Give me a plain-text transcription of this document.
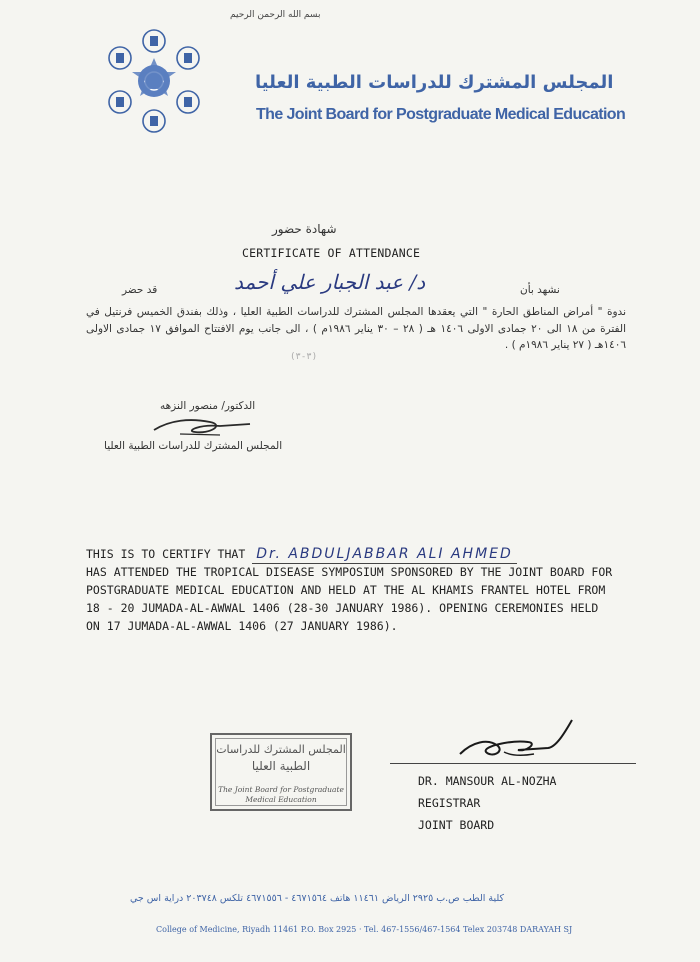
بسم الله الرحمن الرحيم
المجلس المشترك للدراسات الطبية العليا
The Joint Board for Postgraduate Medical Education
شهادة حضور
CERTIFICATE OF ATTENDANCE
نشهد بأن
د/ عبد الجبار علي أحمد
قد حضر
ندوة " أمراض المناطق الحارة " التي يعقدها المجلس المشترك للدراسات الطبية العليا ، وذلك بفندق الخميس فرنتيل في الفترة من ١٨ الى ٢٠ جمادى الاولى ١٤٠٦ هـ ( ٢٨ – ٣٠ يناير ١٩٨٦م ) ، الى جانب يوم الافتتاح الموافق ١٧ جمادى الاولى ١٤٠٦هـ ( ٢٧ يناير ١٩٨٦م ) .
(٣-٣)
الدكتور/ منصور النزهه
المجلس المشترك للدراسات الطبية العليا
THIS IS TO CERTIFY THAT Dr. ABDULJABBAR ALI AHMED
HAS ATTENDED THE TROPICAL DISEASE SYMPOSIUM SPONSORED BY THE JOINT BOARD FOR
POSTGRADUATE MEDICAL EDUCATION AND HELD AT THE AL KHAMIS FRANTEL HOTEL FROM
18 - 20 JUMADA-AL-AWWAL 1406 (28-30 JANUARY 1986). OPENING CEREMONIES HELD
ON 17 JUMADA-AL-AWWAL 1406 (27 JANUARY 1986).
المجلس المشترك للدراسات
الطبية العليا
The Joint Board for Postgraduate
Medical Education
DR. MANSOUR AL-NOZHA
REGISTRAR
JOINT BOARD
كلية الطب ص.ب ٢٩٢٥ الرياض ١١٤٦١ هاتف ٤٦٧١٥٦٤ - ٤٦٧١٥٥٦ تلكس ٢٠٣٧٤٨ دراية اس جي
College of Medicine, Riyadh 11461 P.O. Box 2925 · Tel. 467-1556/467-1564 Telex 203748 DARAYAH SJ
